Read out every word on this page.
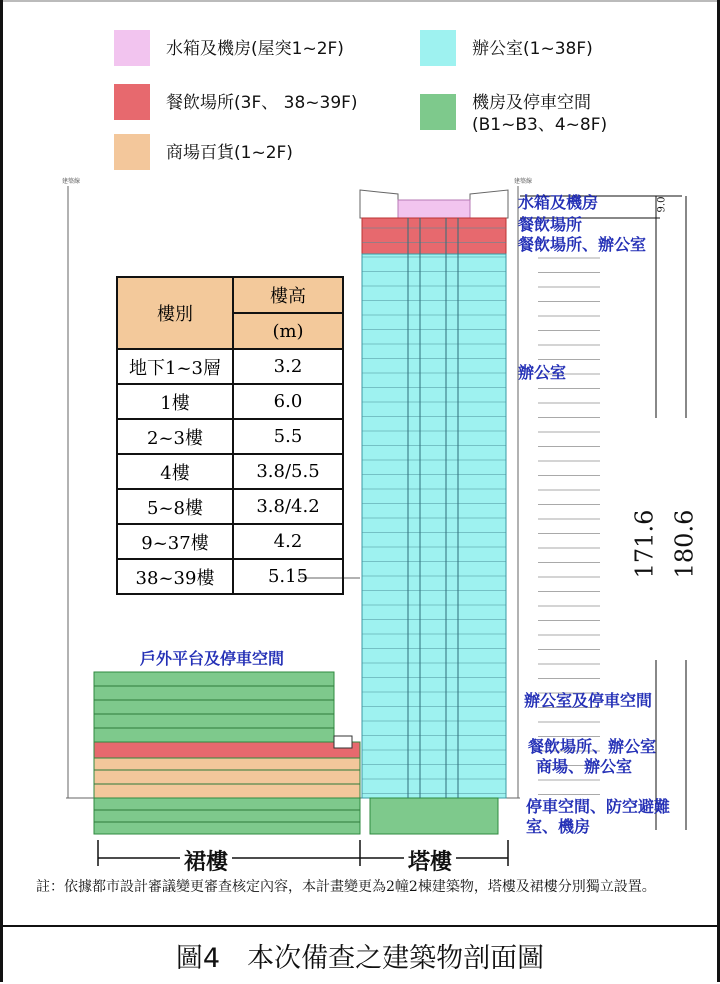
水箱及機房(屋突1~2F)
餐飲場所(3F、 38~39F)
商場百貨(1~2F)
辦公室(1~38F)
機房及停車空間
(B1~B3、4~8F)
建築線	建築線
樓別	樓高
	(m)
地下1~3層	3.2
1樓	6.0
2~3樓	5.5
4樓	3.8/5.5
5~8樓	3.8/4.2
9~37樓	4.2
38~39樓	5.15
水箱及機房
餐飲場所
餐飲場所、辦公室
辦公室
辦公室及停車空間
餐飲場所、辦公室
商場、辦公室
停車空間、防空避難
室、機房
戶外平台及停車空間
9.0
171.6 180.6
裙樓	塔樓
註：依據都市設計審議變更審查核定內容，本計畫變更為2幢2棟建築物，塔樓及裙樓分別獨立設置。
圖4　本次備查之建築物剖面圖
